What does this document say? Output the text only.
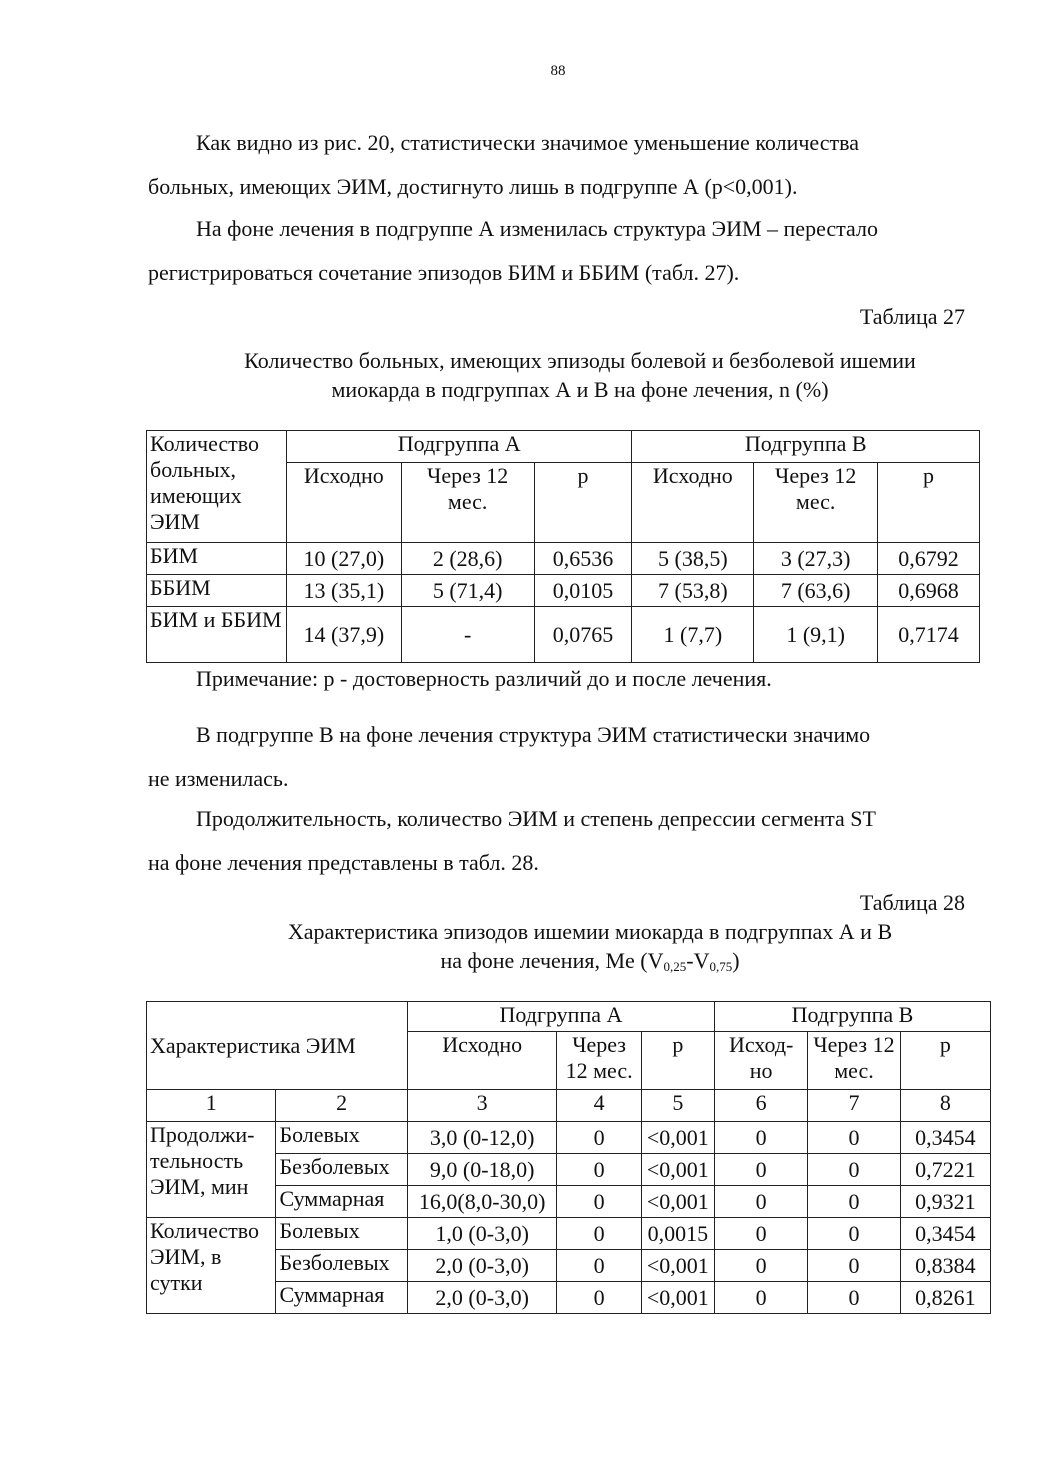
88
Как видно из рис. 20, статистически значимое уменьшение количества
больных, имеющих ЭИМ, достигнуто лишь в подгруппе А (р<0,001).
На фоне лечения в подгруппе А изменилась структура ЭИМ – перестало
регистрироваться сочетание эпизодов БИМ и ББИМ (табл. 27).
Таблица 27
Количество больных, имеющих эпизоды болевой и безболевой ишемии
миокарда в подгруппах А и В на фоне лечения, n (%)
Количество больных, имеющих ЭИМ	Подгруппа А			Подгруппа В		
	Исходно	Через 12 мес.	р	Исходно	Через 12 мес.	р
БИМ	10 (27,0)	2 (28,6)	0,6536	5 (38,5)	3 (27,3)	0,6792
ББИМ	13 (35,1)	5 (71,4)	0,0105	7 (53,8)	7 (63,6)	0,6968
БИМ и ББИМ	14 (37,9)	-	0,0765	1 (7,7)	1 (9,1)	0,7174
Примечание: р - достоверность различий до и после лечения.
В подгруппе В на фоне лечения структура ЭИМ статистически значимо
не изменилась.
Продолжительность, количество ЭИМ и степень депрессии сегмента ST
на фоне лечения представлены в табл. 28.
Таблица 28
Характеристика эпизодов ишемии миокарда в подгруппах А и В
на фоне лечения, Me $(V_{0,25}-V_{0,75})$
Характеристика ЭИМ		Подгруппа А			Подгруппа В		
		Исходно	Через 12 мес.	р	Исход-но	Через 12 мес.	р
1	2	3	4	5	6	7	8
Продолжи-тельность ЭИМ, мин	Болевых	3,0 (0-12,0)	0	<0,001	0	0	0,3454
	Безболевых	9,0 (0-18,0)	0	<0,001	0	0	0,7221
	Суммарная	16,0(8,0-30,0)	0	<0,001	0	0	0,9321
Количество ЭИМ, в сутки	Болевых	1,0 (0-3,0)	0	0,0015	0	0	0,3454
	Безболевых	2,0 (0-3,0)	0	<0,001	0	0	0,8384
	Суммарная	2,0 (0-3,0)	0	<0,001	0	0	0,8261
